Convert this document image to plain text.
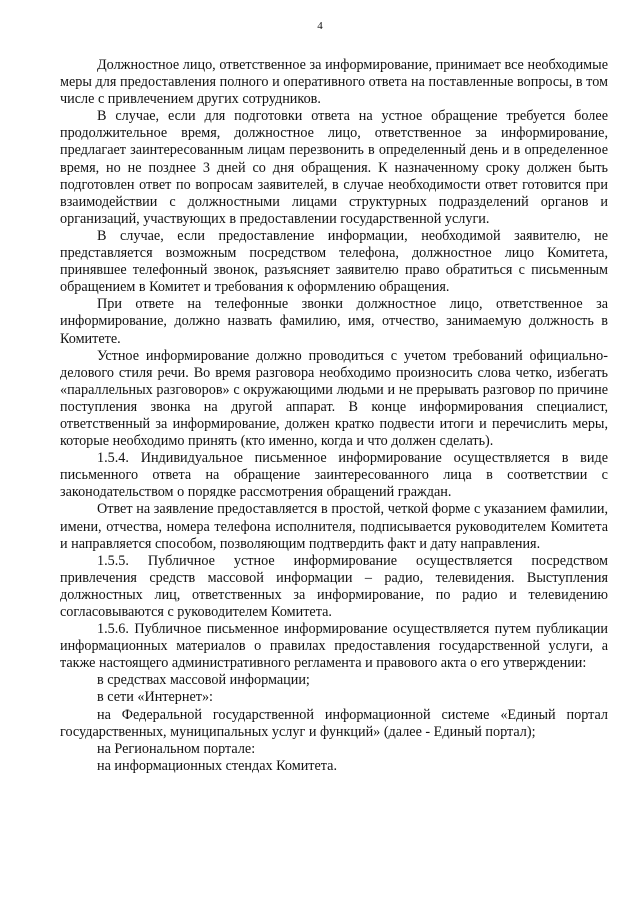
4

Должностное лицо, ответственное за информирование, принимает все необходимые меры для предоставления полного и оперативного ответа на поставленные вопросы, в том числе с привлечением других сотрудников.

В случае, если для подготовки ответа на устное обращение требуется более продолжительное время, должностное лицо, ответственное за информирование, предлагает заинтересованным лицам перезвонить в определенный день и в определенное время, но не позднее 3 дней со дня обращения. К назначенному сроку должен быть подготовлен ответ по вопросам заявителей, в случае необходимости ответ готовится при взаимодействии с должностными лицами структурных подразделений органов и организаций, участвующих в предоставлении государственной услуги.

В случае, если предоставление информации, необходимой заявителю, не представляется возможным посредством телефона, должностное лицо Комитета, принявшее телефонный звонок, разъясняет заявителю право обратиться с письменным обращением в Комитет и требования к оформлению обращения.

При ответе на телефонные звонки должностное лицо, ответственное за информирование, должно назвать фамилию, имя, отчество, занимаемую должность в Комитете.

Устное информирование должно проводиться с учетом требований официально-делового стиля речи. Во время разговора необходимо произносить слова четко, избегать «параллельных разговоров» с окружающими людьми и не прерывать разговор по причине поступления звонка на другой аппарат. В конце информирования специалист, ответственный за информирование, должен кратко подвести итоги и перечислить меры, которые необходимо принять (кто именно, когда и что должен сделать).

1.5.4. Индивидуальное письменное информирование осуществляется в виде письменного ответа на обращение заинтересованного лица в соответствии с законодательством о порядке рассмотрения обращений граждан.

Ответ на заявление предоставляется в простой, четкой форме с указанием фамилии, имени, отчества, номера телефона исполнителя, подписывается руководителем Комитета и направляется способом, позволяющим подтвердить факт и дату направления.

1.5.5. Публичное устное информирование осуществляется посредством привлечения средств массовой информации – радио, телевидения. Выступления должностных лиц, ответственных за информирование, по радио и телевидению согласовываются с руководителем Комитета.

1.5.6. Публичное письменное информирование осуществляется путем публикации информационных материалов о правилах предоставления государственной услуги, а также настоящего административного регламента и правового акта о его утверждении:

в средствах массовой информации;

в сети «Интернет»:

на Федеральной государственной информационной системе «Единый портал государственных, муниципальных услуг и функций» (далее - Единый портал);

на Региональном портале:

на информационных стендах Комитета.
